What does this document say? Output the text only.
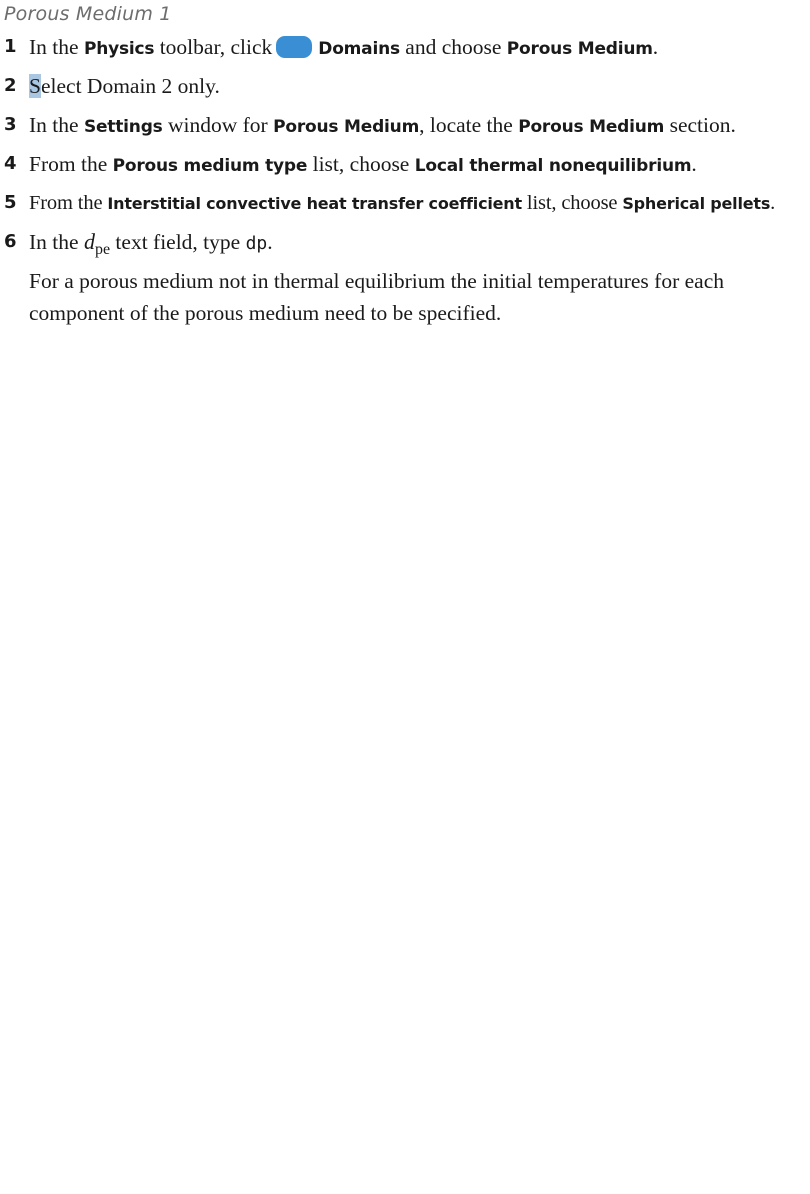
Porous Medium 1
1 In the Physics toolbar, click	Domains and choose Porous Medium.
2 Select Domain 2 only.
3 In the Settings window for Porous Medium, locate the Porous Medium section.
4 From the Porous medium type list, choose Local thermal nonequilibrium.
5 From the Interstitial convective heat transfer coefficient list, choose Spherical pellets.
6 In the $d_{pe}$ text field, type dp.
For a porous medium not in thermal equilibrium the initial temperatures for each component of the porous medium need to be specified.
